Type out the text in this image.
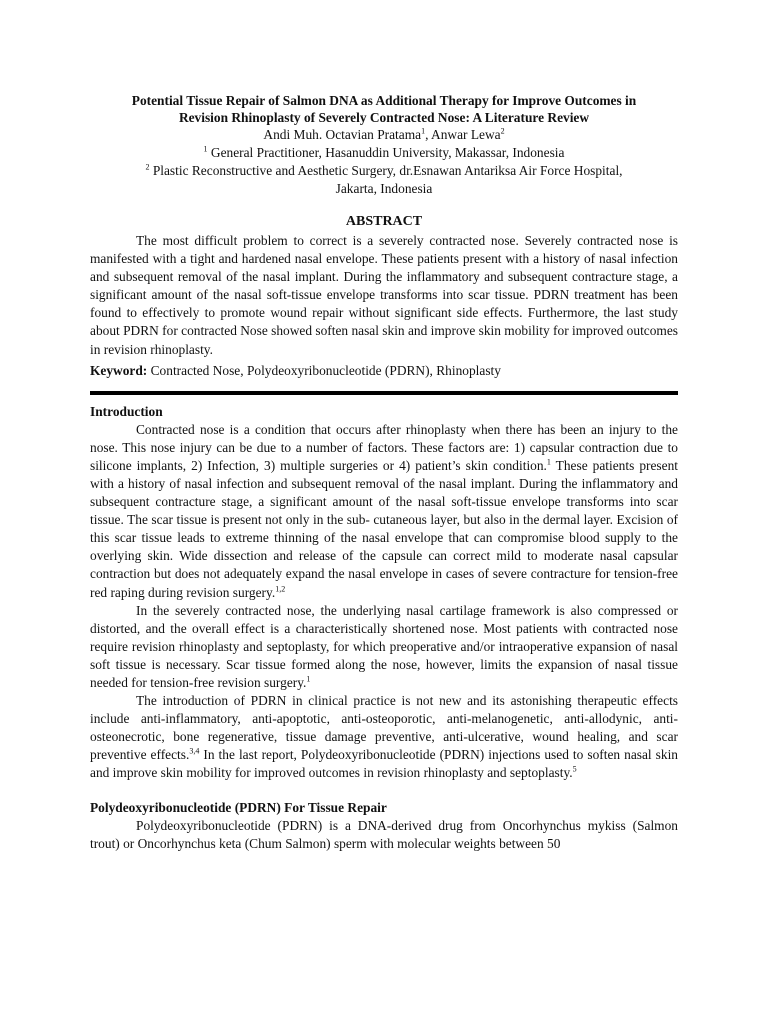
Potential Tissue Repair of Salmon DNA as Additional Therapy for Improve Outcomes in

Revision Rhinoplasty of Severely Contracted Nose: A Literature Review

Andi Muh. Octavian Pratama$^1$, Anwar Lewa$^2$

$^1$ General Practitioner, Hasanuddin University, Makassar, Indonesia

$^2$ Plastic Reconstructive and Aesthetic Surgery, dr.Esnawan Antariksa Air Force Hospital,

Jakarta, Indonesia

ABSTRACT

The most difficult problem to correct is a severely contracted nose. Severely contracted nose is manifested with a tight and hardened nasal envelope. These patients present with a history of nasal infection and subsequent removal of the nasal implant. During the inflammatory and subsequent contracture stage, a significant amount of the nasal soft-tissue envelope transforms into scar tissue. PDRN treatment has been found to effectively to promote wound repair without significant side effects. Furthermore, the last study about PDRN for contracted Nose showed soften nasal skin and improve skin mobility for improved outcomes in revision rhinoplasty.

Keyword: Contracted Nose, Polydeoxyribonucleotide (PDRN), Rhinoplasty

Introduction

Contracted nose is a condition that occurs after rhinoplasty when there has been an injury to the nose. This nose injury can be due to a number of factors. These factors are: 1) capsular contraction due to silicone implants, 2) Infection, 3) multiple surgeries or 4) patient’s skin condition.$^1$ These patients present with a history of nasal infection and subsequent removal of the nasal implant. During the inflammatory and subsequent contracture stage, a significant amount of the nasal soft-tissue envelope transforms into scar tissue. The scar tissue is present not only in the sub- cutaneous layer, but also in the dermal layer. Excision of this scar tissue leads to extreme thinning of the nasal envelope that can compromise blood supply to the overlying skin. Wide dissection and release of the capsule can correct mild to moderate nasal capsular contraction but does not adequately expand the nasal envelope in cases of severe contracture for tension-free red raping during revision surgery.$^{1,2}$

In the severely contracted nose, the underlying nasal cartilage framework is also compressed or distorted, and the overall effect is a characteristically shortened nose. Most patients with contracted nose require revision rhinoplasty and septoplasty, for which preoperative and/or intraoperative expansion of nasal soft tissue is necessary. Scar tissue formed along the nose, however, limits the expansion of nasal tissue needed for tension-free revision surgery.$^1$

The introduction of PDRN in clinical practice is not new and its astonishing therapeutic effects include anti-inflammatory, anti-apoptotic, anti-osteoporotic, anti-melanogenetic, anti-allodynic, anti-osteonecrotic, bone regenerative, tissue damage preventive, anti-ulcerative, wound healing, and scar preventive effects.$^{3,4}$ In the last report, Polydeoxyribonucleotide (PDRN) injections used to soften nasal skin and improve skin mobility for improved outcomes in revision rhinoplasty and septoplasty.$^5$

Polydeoxyribonucleotide (PDRN) For Tissue Repair

Polydeoxyribonucleotide (PDRN) is a DNA-derived drug from Oncorhynchus mykiss (Salmon trout) or Oncorhynchus keta (Chum Salmon) sperm with molecular weights between 50
